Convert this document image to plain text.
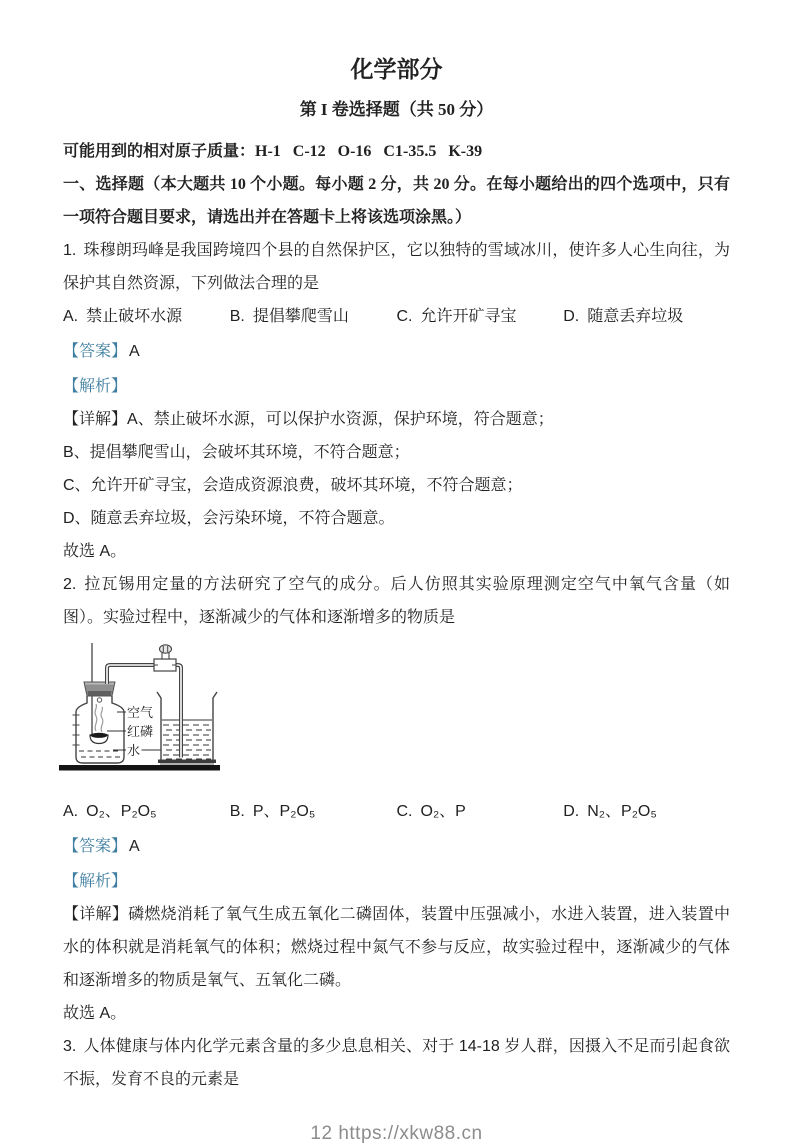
化学部分
第 I 卷选择题（共 50 分）

可能用到的相对原子质量：H-1   C-12   O-16   C1-35.5   K-39

一、选择题（本大题共 10 个小题。每小题 2 分，共 20 分。在每小题给出的四个选项中，只有一项符合题目要求，请选出并在答题卡上将该选项涂黑。）

1. 珠穆朗玛峰是我国跨境四个县的自然保护区，它以独特的雪域冰川，使许多人心生向往，为保护其自然资源，下列做法合理的是

A. 禁止破坏水源	B. 提倡攀爬雪山	C. 允许开矿寻宝	D. 随意丢弃垃圾

【答案】 A

【解析】

【详解】A、禁止破坏水源，可以保护水资源，保护环境，符合题意；

B、提倡攀爬雪山，会破坏其环境，不符合题意；

C、允许开矿寻宝，会造成资源浪费，破坏其环境，不符合题意；

D、随意丢弃垃圾，会污染环境，不符合题意。

故选 A。

2. 拉瓦锡用定量的方法研究了空气的成分。后人仿照其实验原理测定空气中氧气含量（如图）。实验过程中，逐渐减少的气体和逐渐增多的物质是

空气
红磷
水
A. O₂、P₂O₅	B. P、P₂O₅	C. O₂、P	D. N₂、P₂O₅

【答案】 A

【解析】

【详解】磷燃烧消耗了氧气生成五氧化二磷固体，装置中压强减小，水进入装置，进入装置中水的体积就是消耗氧气的体积；燃烧过程中氮气不参与反应，故实验过程中，逐渐减少的气体和逐渐增多的物质是氧气、五氧化二磷。

故选 A。

3. 人体健康与体内化学元素含量的多少息息相关、对于 14-18 岁人群，因摄入不足而引起食欲不振，发育不良的元素是

12 https://xkw88.cn
